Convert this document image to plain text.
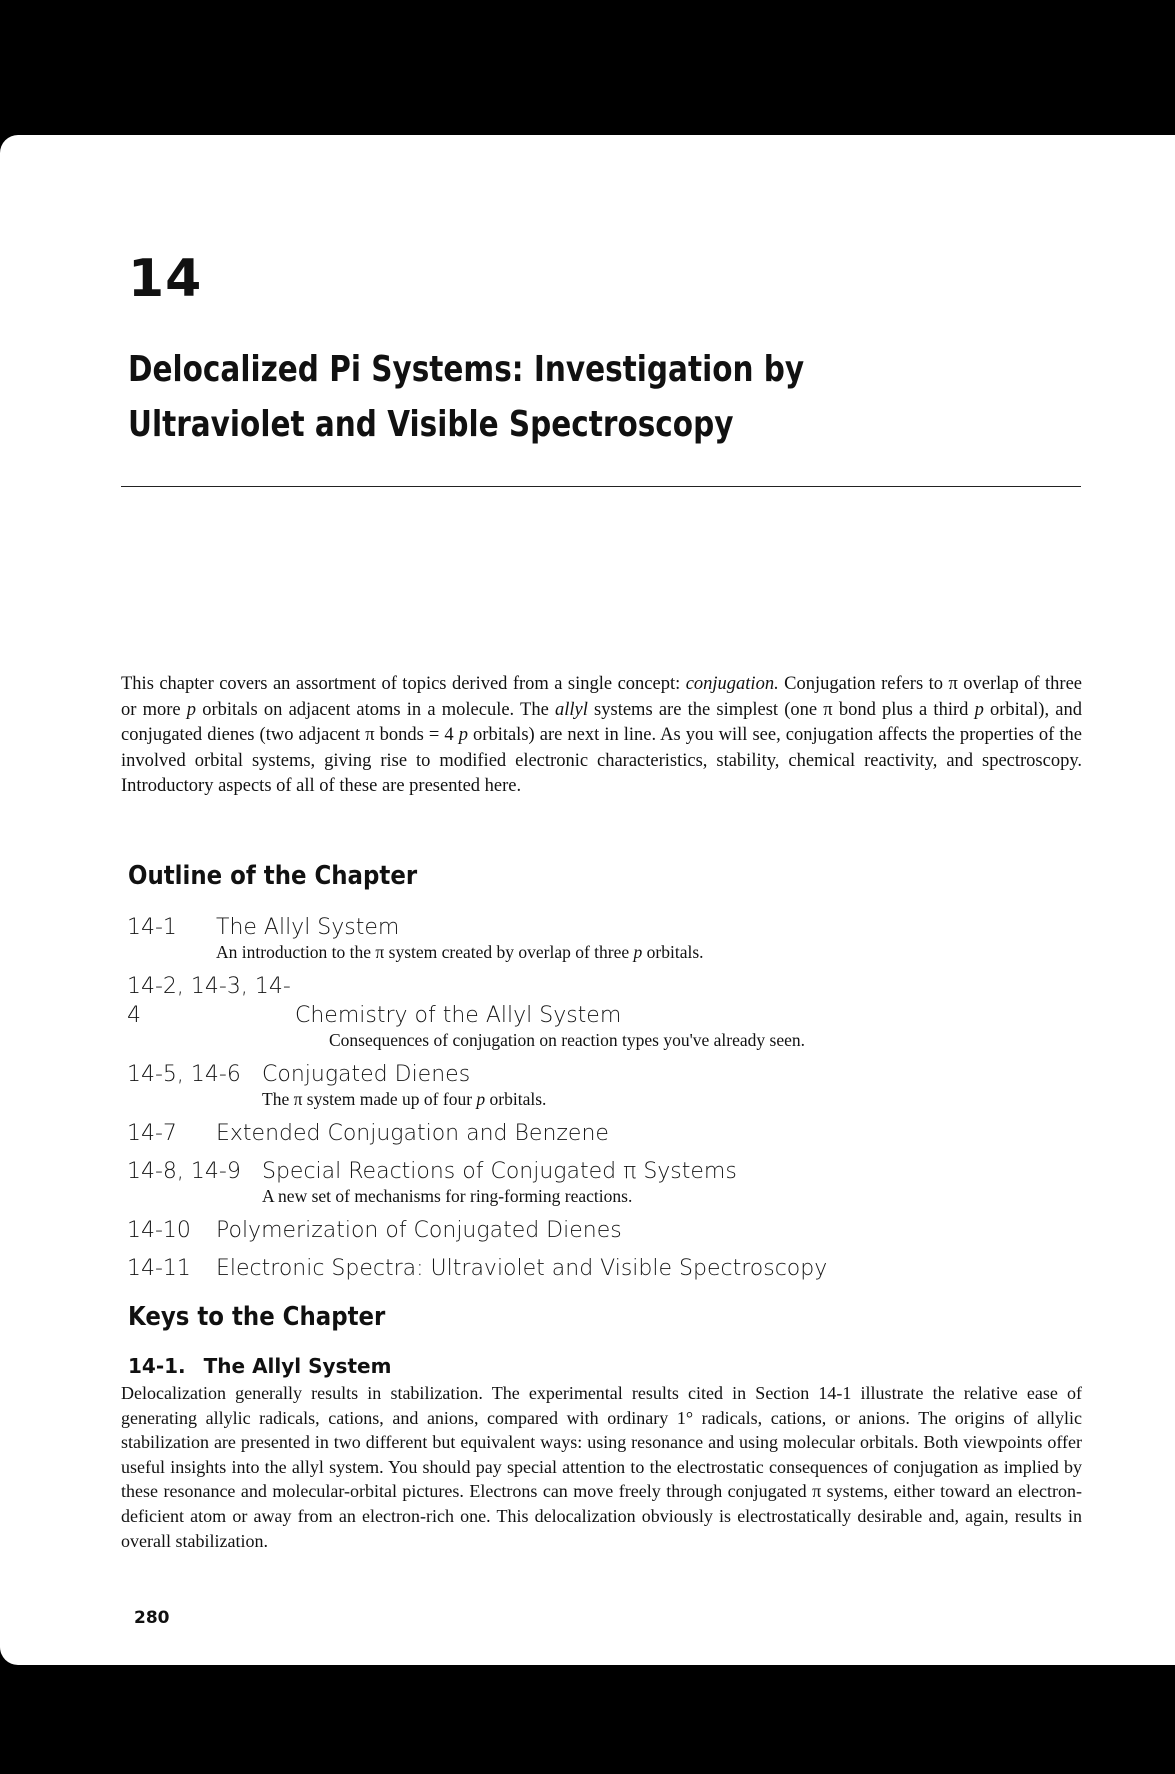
14
Delocalized Pi Systems: Investigation by Ultraviolet and Visible Spectroscopy

This chapter covers an assortment of topics derived from a single concept: conjugation. Conjugation refers to π overlap of three or more p orbitals on adjacent atoms in a molecule. The allyl systems are the simplest (one π bond plus a third p orbital), and conjugated dienes (two adjacent π bonds = 4 p orbitals) are next in line. As you will see, conjugation affects the properties of the involved orbital systems, giving rise to modified electronic characteristics, stability, chemical reactivity, and spectroscopy. Introductory aspects of all of these are presented here.

Outline of the Chapter
14-1 The Allyl System
An introduction to the π system created by overlap of three p orbitals.
14-2, 14-3, 14-4	Chemistry of the Allyl System
Consequences of conjugation on reaction types you've already seen.
14-5, 14-6 Conjugated Dienes
The π system made up of four p orbitals.
14-7 Extended Conjugation and Benzene
14-8, 14-9 Special Reactions of Conjugated π Systems
A new set of mechanisms for ring-forming reactions.
14-10 Polymerization of Conjugated Dienes
14-11 Electronic Spectra: Ultraviolet and Visible Spectroscopy
Keys to the Chapter
14-1. The Allyl System

Delocalization generally results in stabilization. The experimental results cited in Section 14-1 illustrate the relative ease of generating allylic radicals, cations, and anions, compared with ordinary 1° radicals, cations, or anions. The origins of allylic stabilization are presented in two different but equivalent ways: using resonance and using molecular orbitals. Both viewpoints offer useful insights into the allyl system. You should pay special attention to the electrostatic consequences of conjugation as implied by these resonance and molecular-orbital pictures. Electrons can move freely through conjugated π systems, either toward an electron-deficient atom or away from an electron-rich one. This delocalization obviously is electrostatically desirable and, again, results in overall stabilization.

280
